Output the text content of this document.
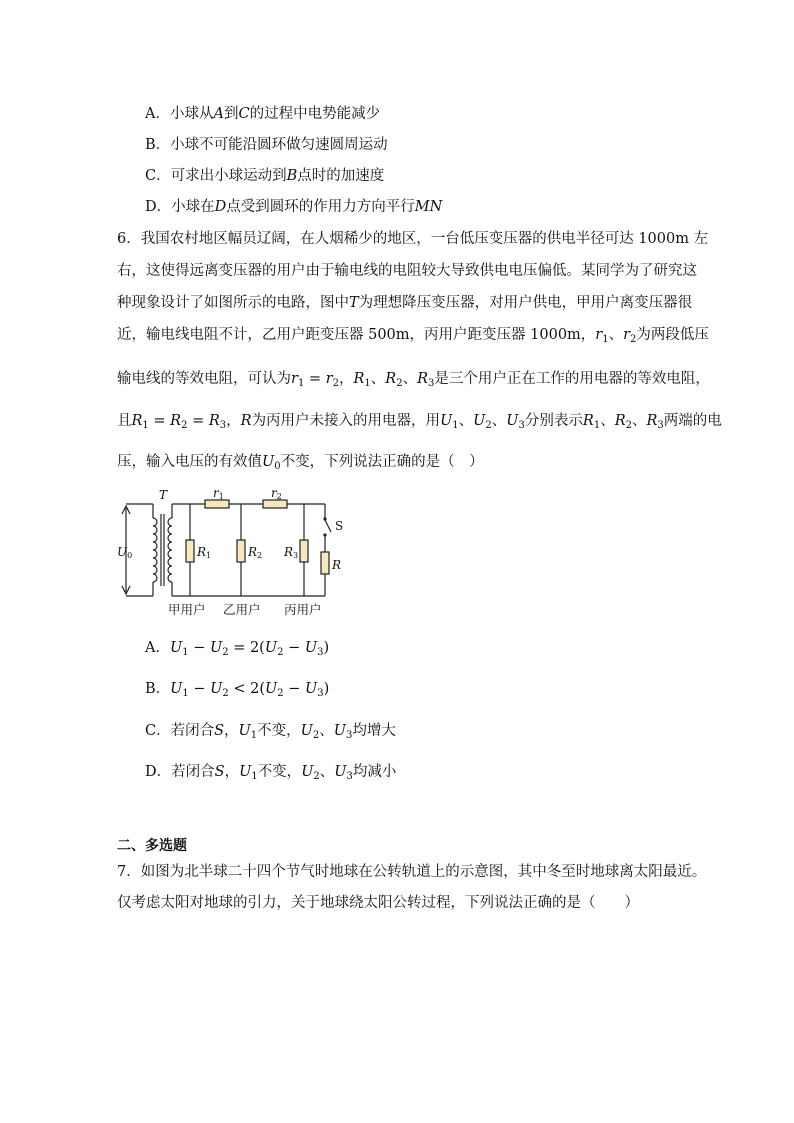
A．小球从A到C的过程中电势能减少
B．小球不可能沿圆环做匀速圆周运动
C．可求出小球运动到B点时的加速度
D．小球在D点受到圆环的作用力方向平行MN
6．我国农村地区幅员辽阔，在人烟稀少的地区，一台低压变压器的供电半径可达 1000m 左
右，这使得远离变压器的用户由于输电线的电阻较大导致供电电压偏低。某同学为了研究这
种现象设计了如图所示的电路，图中T为理想降压变压器，对用户供电，甲用户离变压器很
近，输电线电阻不计，乙用户距变压器 500m，丙用户距变压器 1000m，$r_1$、$r_2$为两段低压
输电线的等效电阻，可认为$r_1 = r_2$，$R_1$、$R_2$、$R_3$是三个用户正在工作的用电器的等效电阻，
且$R_1 = R_2 = R_3$，R为丙用户未接入的用电器，用$U_1$、$U_2$、$U_3$分别表示$R_1$、$R_2$、$R_3$两端的电
压，输入电压的有效值$U_0$不变，下列说法正确的是（　）
T	r1	r2
U0	R1	R2 R3
R
S
甲用户 乙用户 丙用户
A．$U_1 - U_2 = 2(U_2 - U_3)$
B．$U_1 - U_2 < 2(U_2 - U_3)$
C．若闭合S，$U_1$不变，$U_2$、$U_3$均增大
D．若闭合S，$U_1$不变，$U_2$、$U_3$均减小
二、多选题
7．如图为北半球二十四个节气时地球在公转轨道上的示意图，其中冬至时地球离太阳最近。
仅考虑太阳对地球的引力，关于地球绕太阳公转过程，下列说法正确的是（　　）
